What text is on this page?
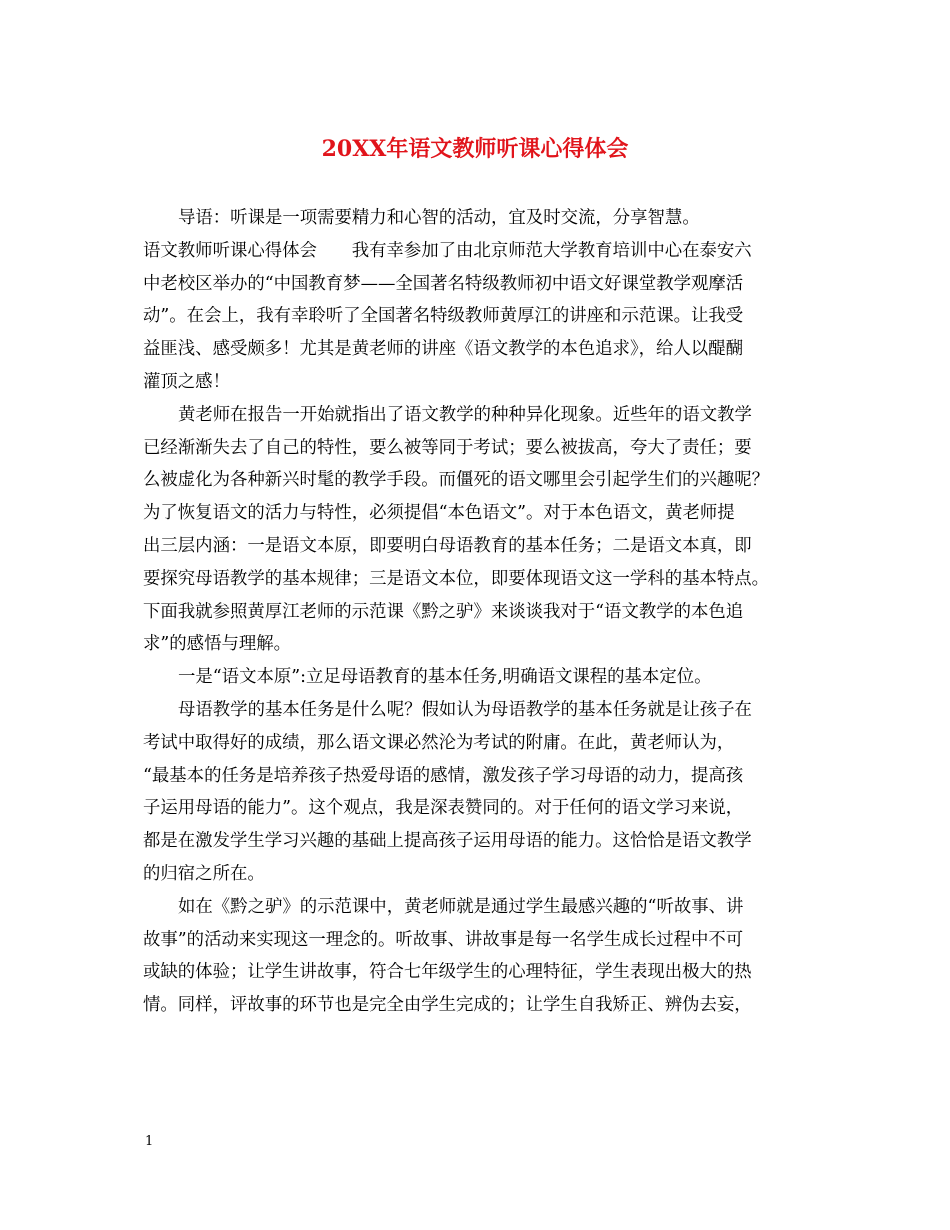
20XX年语文教师听课心得体会
导语：听课是一项需要精力和心智的活动，宜及时交流，分享智慧。
语文教师听课心得体会　　我有幸参加了由北京师范大学教育培训中心在泰安六
中老校区举办的“中国教育梦——全国著名特级教师初中语文好课堂教学观摩活
动”。在会上，我有幸聆听了全国著名特级教师黄厚江的讲座和示范课。让我受
益匪浅、感受颇多！尤其是黄老师的讲座《语文教学的本色追求》，给人以醍醐
灌顶之感！
黄老师在报告一开始就指出了语文教学的种种异化现象。近些年的语文教学
已经渐渐失去了自己的特性，要么被等同于考试；要么被拔高，夸大了责任；要
么被虚化为各种新兴时髦的教学手段。而僵死的语文哪里会引起学生们的兴趣呢？
为了恢复语文的活力与特性，必须提倡“本色语文”。对于本色语文，黄老师提
出三层内涵：一是语文本原，即要明白母语教育的基本任务；二是语文本真，即
要探究母语教学的基本规律；三是语文本位，即要体现语文这一学科的基本特点。
下面我就参照黄厚江老师的示范课《黔之驴》来谈谈我对于“语文教学的本色追
求”的感悟与理解。
一是“语文本原”:立足母语教育的基本任务,明确语文课程的基本定位。
母语教学的基本任务是什么呢？假如认为母语教学的基本任务就是让孩子在
考试中取得好的成绩，那么语文课必然沦为考试的附庸。在此，黄老师认为，
“最基本的任务是培养孩子热爱母语的感情，激发孩子学习母语的动力，提高孩
子运用母语的能力”。这个观点，我是深表赞同的。对于任何的语文学习来说，
都是在激发学生学习兴趣的基础上提高孩子运用母语的能力。这恰恰是语文教学
的归宿之所在。
如在《黔之驴》的示范课中，黄老师就是通过学生最感兴趣的“听故事、讲
故事”的活动来实现这一理念的。听故事、讲故事是每一名学生成长过程中不可
或缺的体验；让学生讲故事，符合七年级学生的心理特征，学生表现出极大的热
情。同样，评故事的环节也是完全由学生完成的；让学生自我矫正、辨伪去妄，
1
